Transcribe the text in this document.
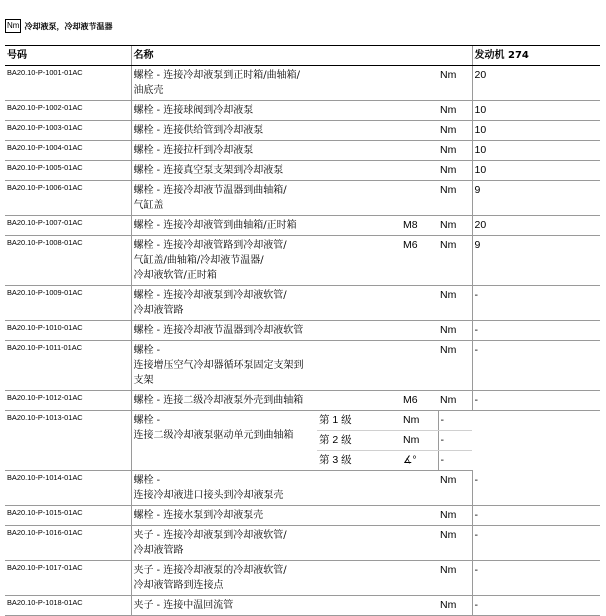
Nm 冷却液泵，冷却液节温器
号码	名称				发动机 274
BA20.10-P-1001-01AC	螺栓 - 连接冷却液泵到正时箱/曲轴箱/
油底壳			Nm	20
BA20.10-P-1002-01AC	螺栓 - 连接球阀到冷却液泵			Nm	10
BA20.10-P-1003-01AC	螺栓 - 连接供给管到冷却液泵			Nm	10
BA20.10-P-1004-01AC	螺栓 - 连接拉杆到冷却液泵			Nm	10
BA20.10-P-1005-01AC	螺栓 - 连接真空泵支架到冷却液泵			Nm	10
BA20.10-P-1006-01AC	螺栓 - 连接冷却液节温器到曲轴箱/
气缸盖			Nm	9
BA20.10-P-1007-01AC	螺栓 - 连接冷却液管到曲轴箱/正时箱		M8	Nm	20
BA20.10-P-1008-01AC	螺栓 - 连接冷却液管路到冷却液管/
气缸盖/曲轴箱/冷却液节温器/
冷却液软管/正时箱		M6	Nm	9
BA20.10-P-1009-01AC	螺栓 - 连接冷却液泵到冷却液软管/
冷却液管路			Nm	-
BA20.10-P-1010-01AC	螺栓 - 连接冷却液节温器到冷却液软管			Nm	-
BA20.10-P-1011-01AC	螺栓 -
连接增压空气冷却器循环泵固定支架到
支架			Nm	-
BA20.10-P-1012-01AC	螺栓 - 连接二级冷却液泵外壳到曲轴箱		M6	Nm	-
BA20.10-P-1013-01AC	螺栓 -
连接二级冷却液泵驱动单元到曲轴箱	第 1 级	Nm	-	
		第 2 级	Nm	-	
		第 3 级	∡°	-	
BA20.10-P-1014-01AC	螺栓 -
连接冷却液进口接头到冷却液泵壳			Nm	-
BA20.10-P-1015-01AC	螺栓 - 连接水泵到冷却液泵壳			Nm	-
BA20.10-P-1016-01AC	夹子 - 连接冷却液泵到冷却液软管/
冷却液管路			Nm	-
BA20.10-P-1017-01AC	夹子 - 连接冷却液泵的冷却液软管/
冷却液管路到连接点			Nm	-
BA20.10-P-1018-01AC	夹子 - 连接中温回流管			Nm	-
